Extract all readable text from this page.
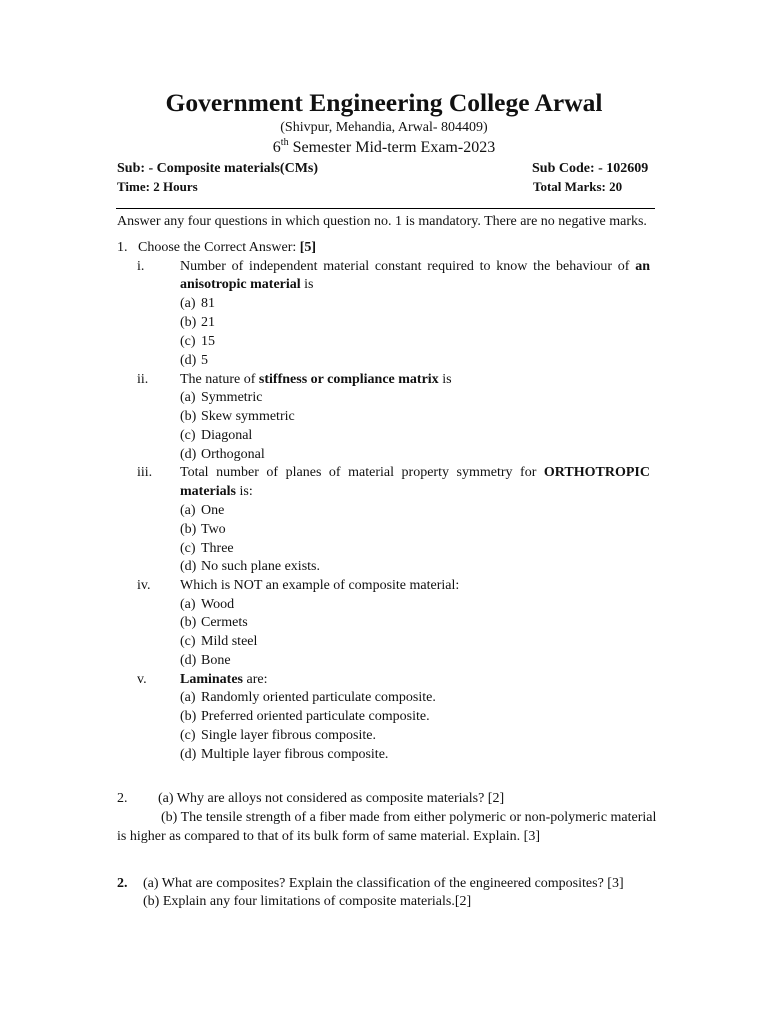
Government Engineering College Arwal
(Shivpur, Mehandia, Arwal- 804409)
6th Semester Mid-term Exam-2023
Sub: - Composite materials(CMs)	Sub Code: - 102609
Time: 2 Hours	Total Marks: 20
Answer any four questions in which question no. 1 is mandatory. There are no negative marks.
1. Choose the Correct Answer: [5]
i.	Number of independent material constant required to know the behaviour of an
anisotropic material is
(a) 81
(b) 21
(c) 15
(d) 5
ii. The nature of stiffness or compliance matrix is
(a) Symmetric
(b) Skew symmetric
(c) Diagonal
(d) Orthogonal
iii. Total number of planes of material property symmetry for ORTHOTROPIC
materials is:
(a) One
(b) Two
(c) Three
(d) No such plane exists.
iv. Which is NOT an example of composite material:
(a) Wood
(b) Cermets
(c) Mild steel
(d) Bone
v. Laminates are:
(a) Randomly oriented particulate composite.
(b) Preferred oriented particulate composite.
(c) Single layer fibrous composite.
(d) Multiple layer fibrous composite.
2. (a) Why are alloys not considered as composite materials? [2]
(b) The tensile strength of a fiber made from either polymeric or non-polymeric material
is higher as compared to that of its bulk form of same material. Explain. [3]
2. (a) What are composites? Explain the classification of the engineered composites? [3]
(b) Explain any four limitations of composite materials.[2]
